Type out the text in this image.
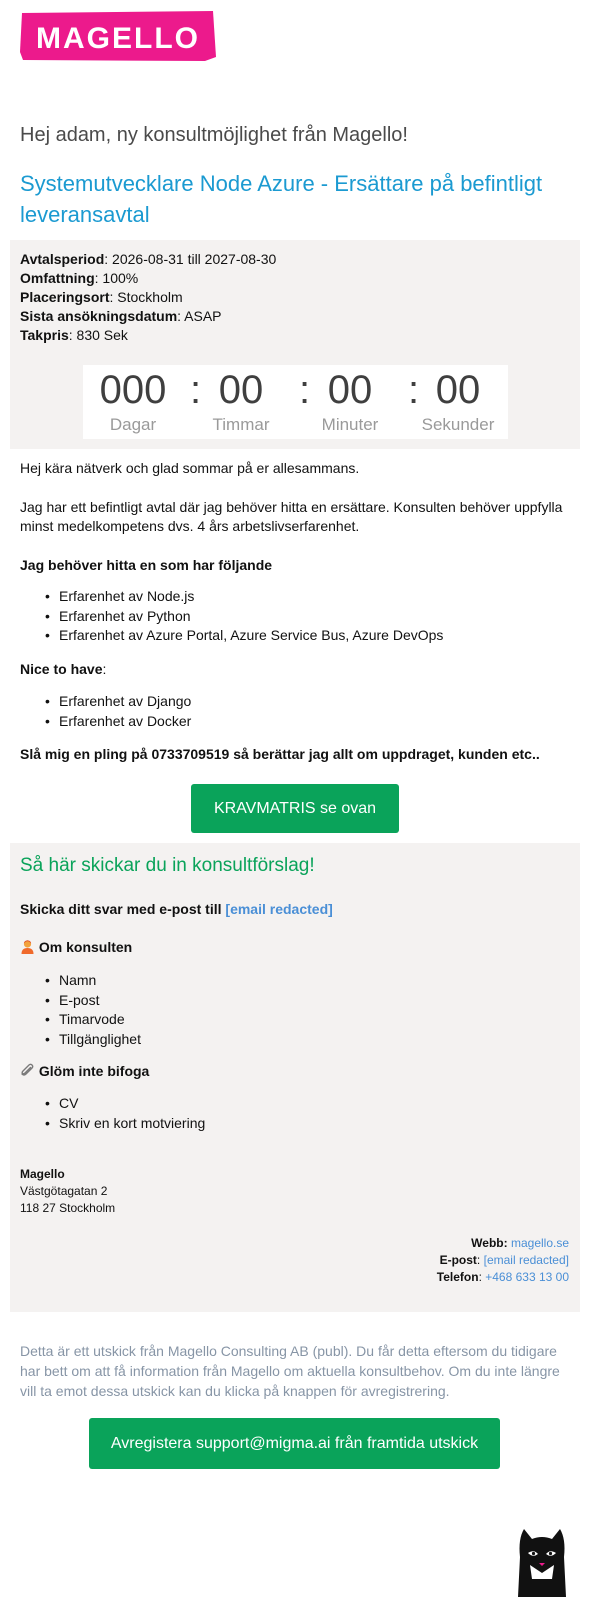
MAGELLO
Hej adam, ny konsultmöjlighet från Magello!
Systemutvecklare Node Azure - Ersättare på befintligt leveransavtal
Avtalsperiod: 2026-08-31 till 2027-08-30
Omfattning: 100%
Placeringsort: Stockholm
Sista ansökningsdatum: ASAP
Takpris: 830 Sek
000
Dagar
: 00
Timmar
: 00
Minuter
: 00
Sekunder
Hej kära nätverk och glad sommar på er allesammans.
Jag har ett befintligt avtal där jag behöver hitta en ersättare. Konsulten behöver uppfylla minst medelkompetens dvs. 4 års arbetslivserfarenhet.
Jag behöver hitta en som har följande
• Erfarenhet av Node.js
• Erfarenhet av Python
• Erfarenhet av Azure Portal, Azure Service Bus, Azure DevOps
Nice to have:
• Erfarenhet av Django
• Erfarenhet av Docker
Slå mig en pling på 0733709519 så berättar jag allt om uppdraget, kunden etc..
KRAVMATRIS se ovan
Så här skickar du in konsultförslag!
Skicka ditt svar med e-post till [email redacted]
Om konsulten
• Namn
• E-post
• Timarvode
• Tillgänglighet
Glöm inte bifoga
• CV
• Skriv en kort motviering
Magello
Västgötagatan 2
118 27 Stockholm
Webb: magello.se
E-post: [email redacted]
Telefon: +468 633 13 00
Detta är ett utskick från Magello Consulting AB (publ). Du får detta eftersom du tidigare har bett om att få information från Magello om aktuella konsultbehov. Om du inte längre vill ta emot dessa utskick kan du klicka på knappen för avregistrering.
Avregistera support@migma.ai från framtida utskick
